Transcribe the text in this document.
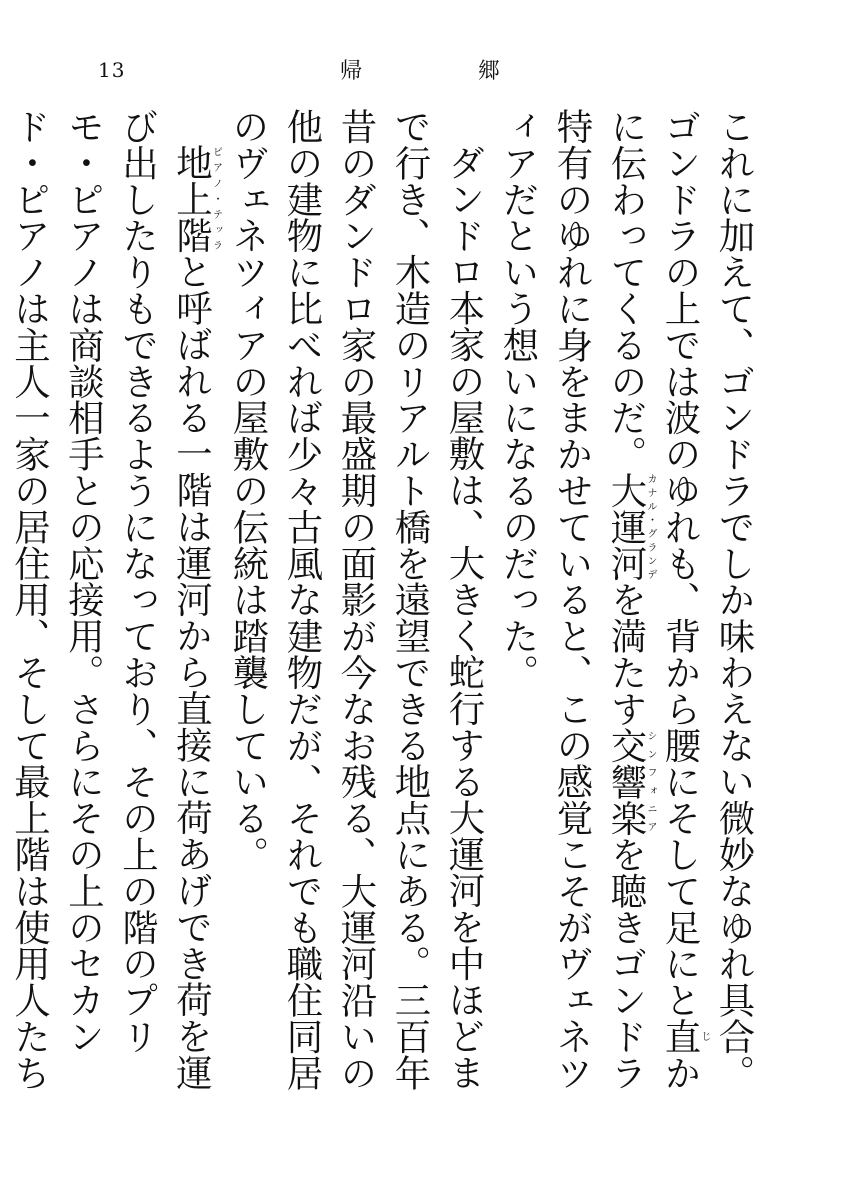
13	帰	郷

これに加えて、ゴンドラでしか味わえない微妙なゆれ具合。ゴンドラの上では波のゆれも、背から腰にそして足にと直じかに伝わってくるのだ。大運河カナル・グランデを満たす交響楽シンフォニアを聴きゴンドラ特有のゆれに身をまかせていると、この感覚こそがヴェネツィアだという想いになるのだった。

ダンドロ本家の屋敷は、大きく蛇行する大運河を中ほどまで行き、木造のリアルト橋を遠望できる地点にある。三百年昔のダンドロ家の最盛期の面影が今なお残る、大運河沿いの他の建物に比べれば少々古風な建物だが、それでも職住同居のヴェネツィアの屋敷の伝統は踏襲している。

地上階ピアノ・テッラと呼ばれる一階は運河から直接に荷あげでき荷を運び出したりもできるようになっており、その上の階のプリモ・ピアノは商談相手との応接用。さらにその上のセカンド・ピアノは主人一家の居住用、そして最上階は使用人たち
